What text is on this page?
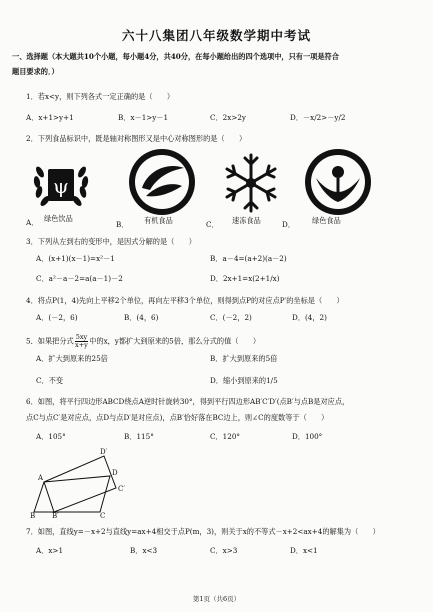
六十八集团八年级数学期中考试
一、选择题（本大题共10个小题，每小题4分，共40分，在每小题给出的四个选项中，只有一项是符合
题目要求的．）
1．若x<y，则下列各式一定正确的是（　　）
A．x+1>y+1	B．x－1>y－1	C．2x>2y	D．－x/2>－y/2
2．下列食品标识中，既是轴对称图形又是中心对称图形的是（　　）
ψ
A． 绿色饮品
B． 有机食品	C． 速冻食品	D． 绿色食品
3．下列从左到右的变形中，是因式分解的是（　　）
A．(x+1)(x－1)=x²－1	B．a－4=(a+2)(a－2)
C．a²－a－2=a(a－1)－2	D．2x+1=x(2+1/x)
4．将点P(1，4)先向上平移2个单位，再向左平移3个单位，则得到点P的对应点P′的坐标是（　　）
A．(－2，6)	B．(4，6)	C．(－2，2)	D．(4，2)
5．如果把分式 $\frac{5xy}{x+y}$ 中的x，y都扩大到原来的5倍，那么分式的值（　　）
A．扩大到原来的25倍	B．扩大到原来的5倍
C．不变	D．缩小到原来的1/5
6．如图，将平行四边形ABCD绕点A逆时针旋转30°，得到平行四边形AB′C′D′(点B′与点B是对应点，
点C与点C′是对应点，点D与点D′是对应点)，点B′恰好落在BC边上，则∠C的度数等于（　　）
A．105°	B．115°	C．120°	D．100°
D′
A
D
C′
B B′	C
7．如图，直线y=－x+2与直线y=ax+4相交于点P(m，3)，则关于x的不等式－x+2<ax+4的解集为（　　）
A．x>1	B．x<3	C．x>3	D．x<1
第1页（共6页）
